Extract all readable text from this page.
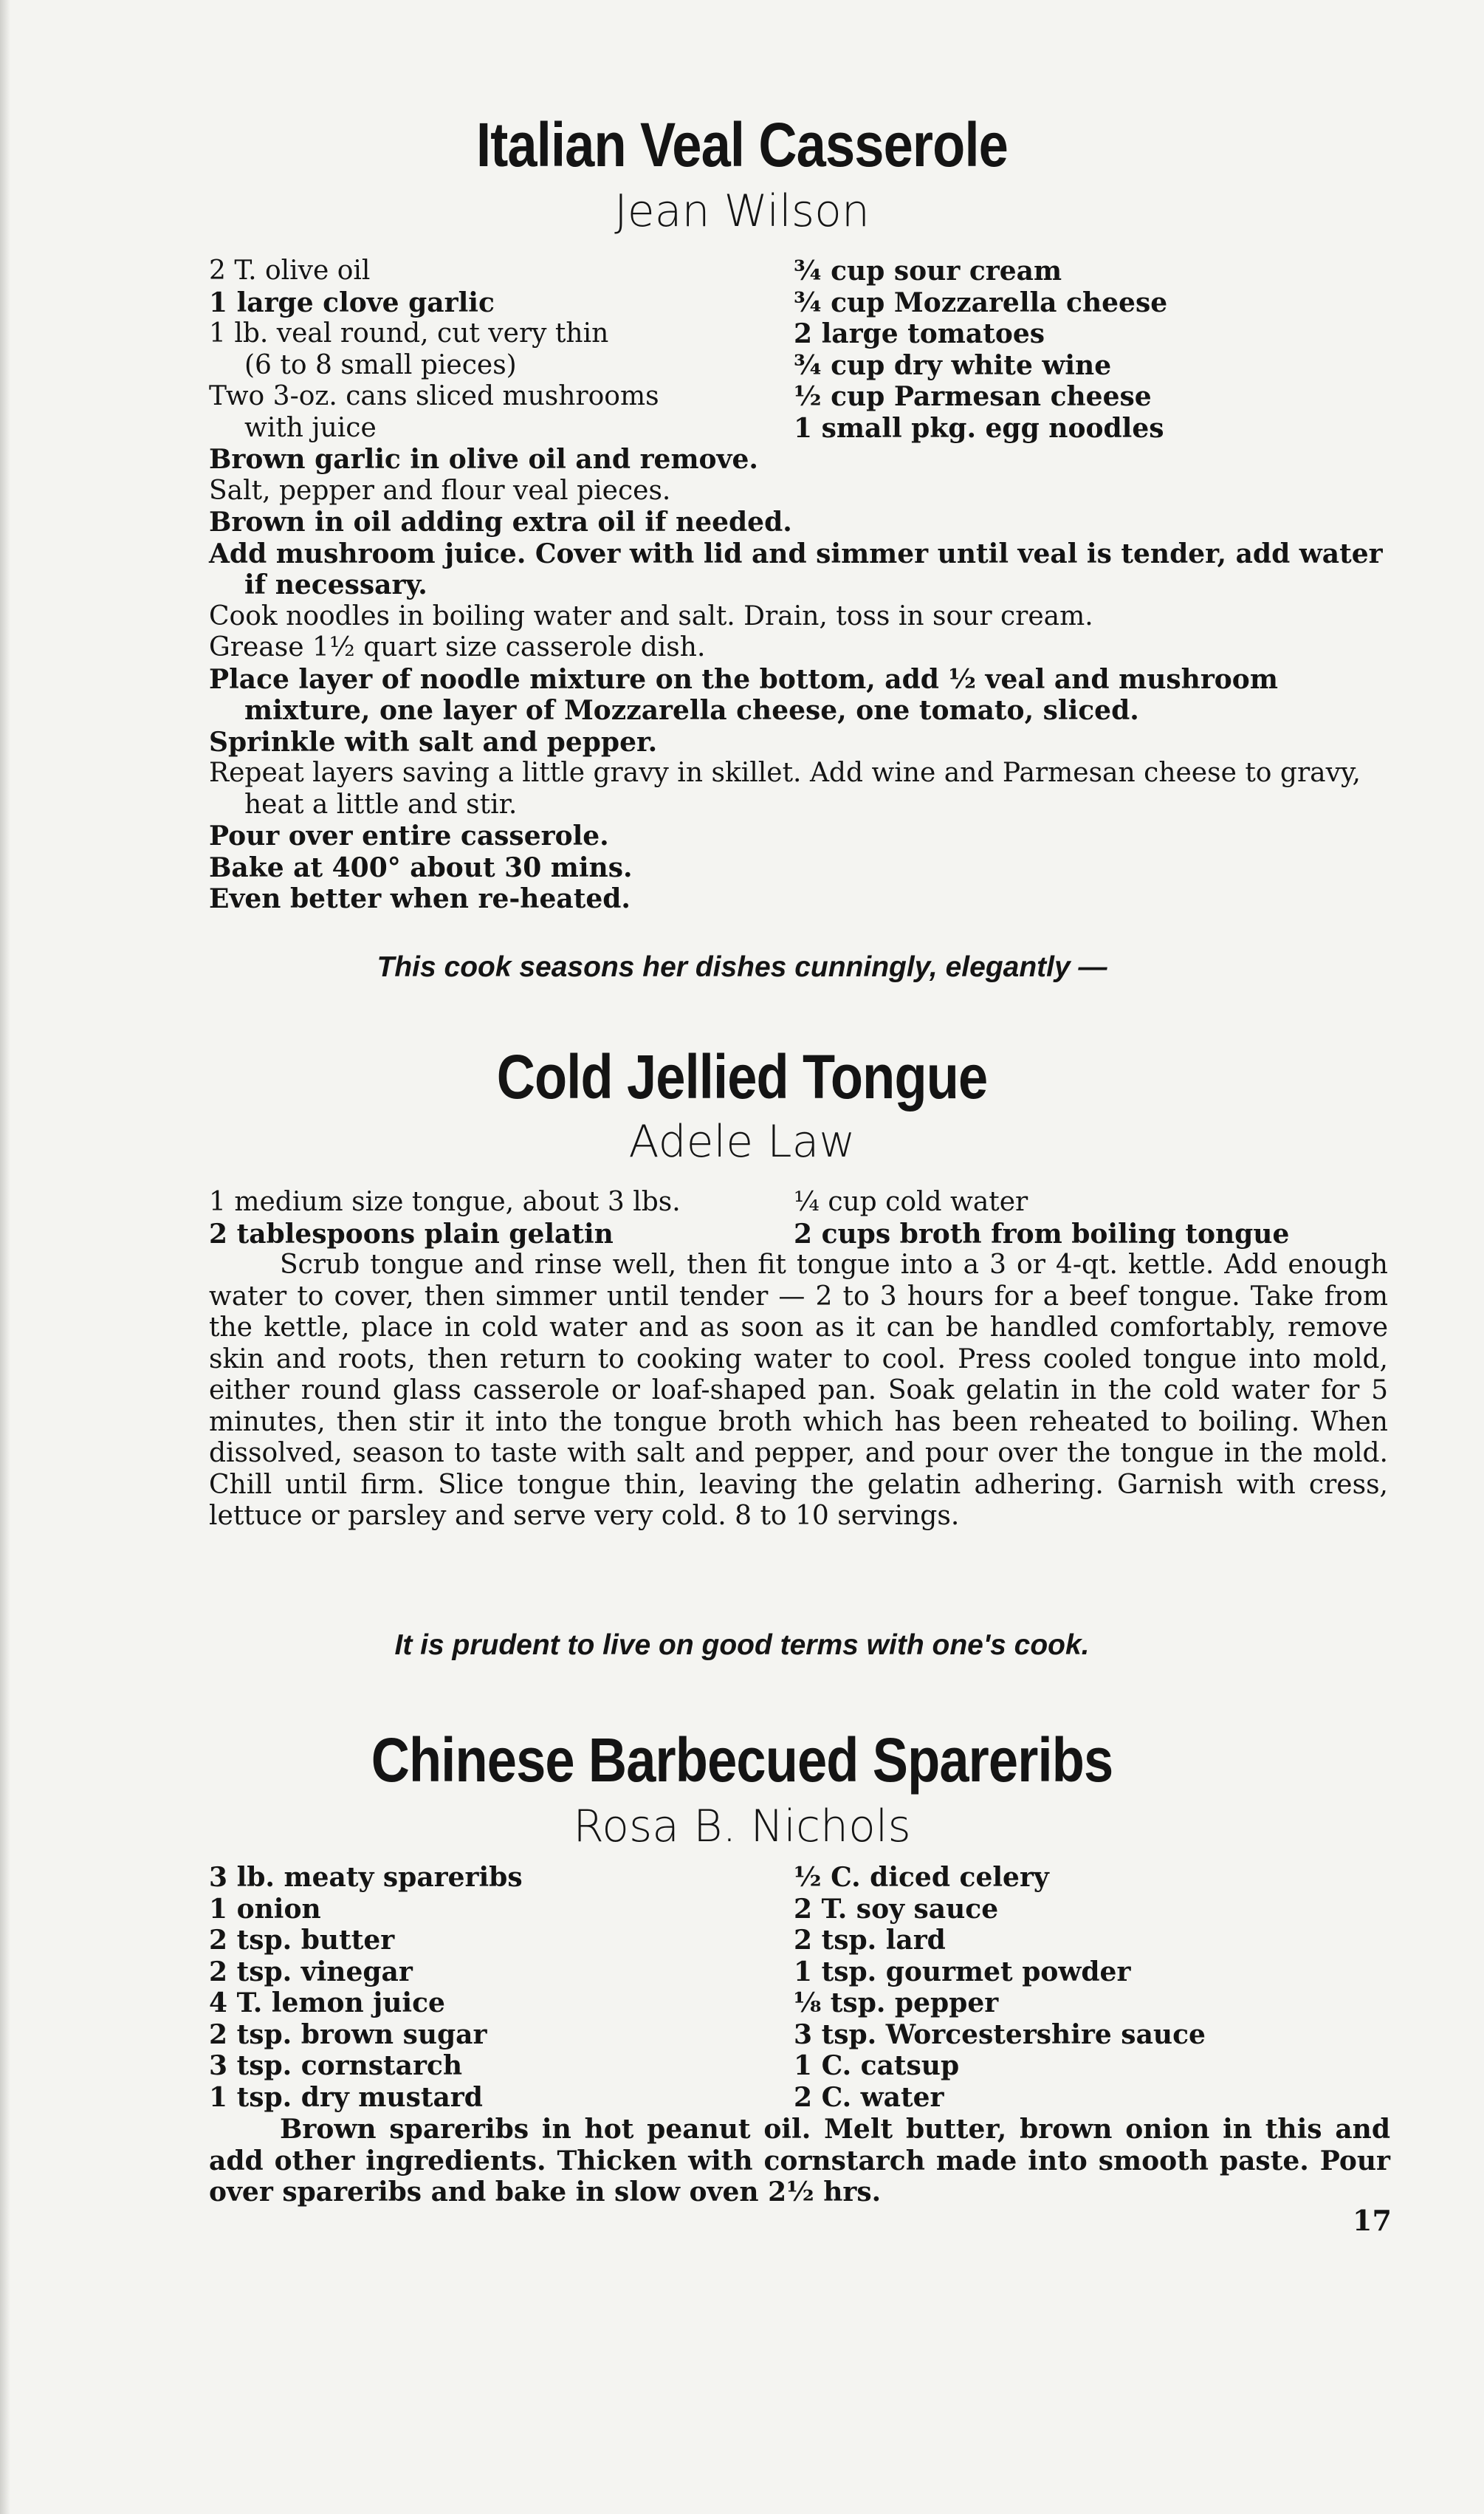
Italian Veal Casserole
Jean Wilson
2 T. olive oil
1 large clove garlic
1 lb. veal round, cut very thin
(6 to 8 small pieces)
Two 3-oz. cans sliced mushrooms
with juice
¾ cup sour cream
¾ cup Mozzarella cheese
2 large tomatoes
¾ cup dry white wine
½ cup Parmesan cheese
1 small pkg. egg noodles

Brown garlic in olive oil and remove.

Salt, pepper and flour veal pieces.

Brown in oil adding extra oil if needed.

Add mushroom juice. Cover with lid and simmer until veal is tender, add water if necessary.

Cook noodles in boiling water and salt. Drain, toss in sour cream.

Grease 1½ quart size casserole dish.

Place layer of noodle mixture on the bottom, add ½ veal and mushroom mixture, one layer of Mozzarella cheese, one tomato, sliced.

Sprinkle with salt and pepper.

Repeat layers saving a little gravy in skillet. Add wine and Parmesan cheese to gravy, heat a little and stir.

Pour over entire casserole.

Bake at 400° about 30 mins.

Even better when re-heated.

This cook seasons her dishes cunningly, elegantly —
Cold Jellied Tongue
Adele Law
1 medium size tongue, about 3 lbs.
2 tablespoons plain gelatin
¼ cup cold water
2 cups broth from boiling tongue

Scrub tongue and rinse well, then fit tongue into a 3 or 4-qt. kettle. Add enough water to cover, then simmer until tender — 2 to 3 hours for a beef tongue. Take from the kettle, place in cold water and as soon as it can be handled comfortably, remove skin and roots, then return to cooking water to cool. Press cooled tongue into mold, either round glass casserole or loaf-shaped pan. Soak gelatin in the cold water for 5 minutes, then stir it into the tongue broth which has been reheated to boiling. When dissolved, season to taste with salt and pepper, and pour over the tongue in the mold. Chill until firm. Slice tongue thin, leaving the gelatin adhering. Garnish with cress, lettuce or parsley and serve very cold. 8 to 10 servings.

It is prudent to live on good terms with one's cook.
Chinese Barbecued Spareribs
Rosa B. Nichols
3 lb. meaty spareribs
1 onion
2 tsp. butter
2 tsp. vinegar
4 T. lemon juice
2 tsp. brown sugar
3 tsp. cornstarch
1 tsp. dry mustard
½ C. diced celery
2 T. soy sauce
2 tsp. lard
1 tsp. gourmet powder
⅛ tsp. pepper
3 tsp. Worcestershire sauce
1 C. catsup
2 C. water

Brown spareribs in hot peanut oil. Melt butter, brown onion in this and add other ingredients. Thicken with cornstarch made into smooth paste. Pour over spareribs and bake in slow oven 2½ hrs.

17
